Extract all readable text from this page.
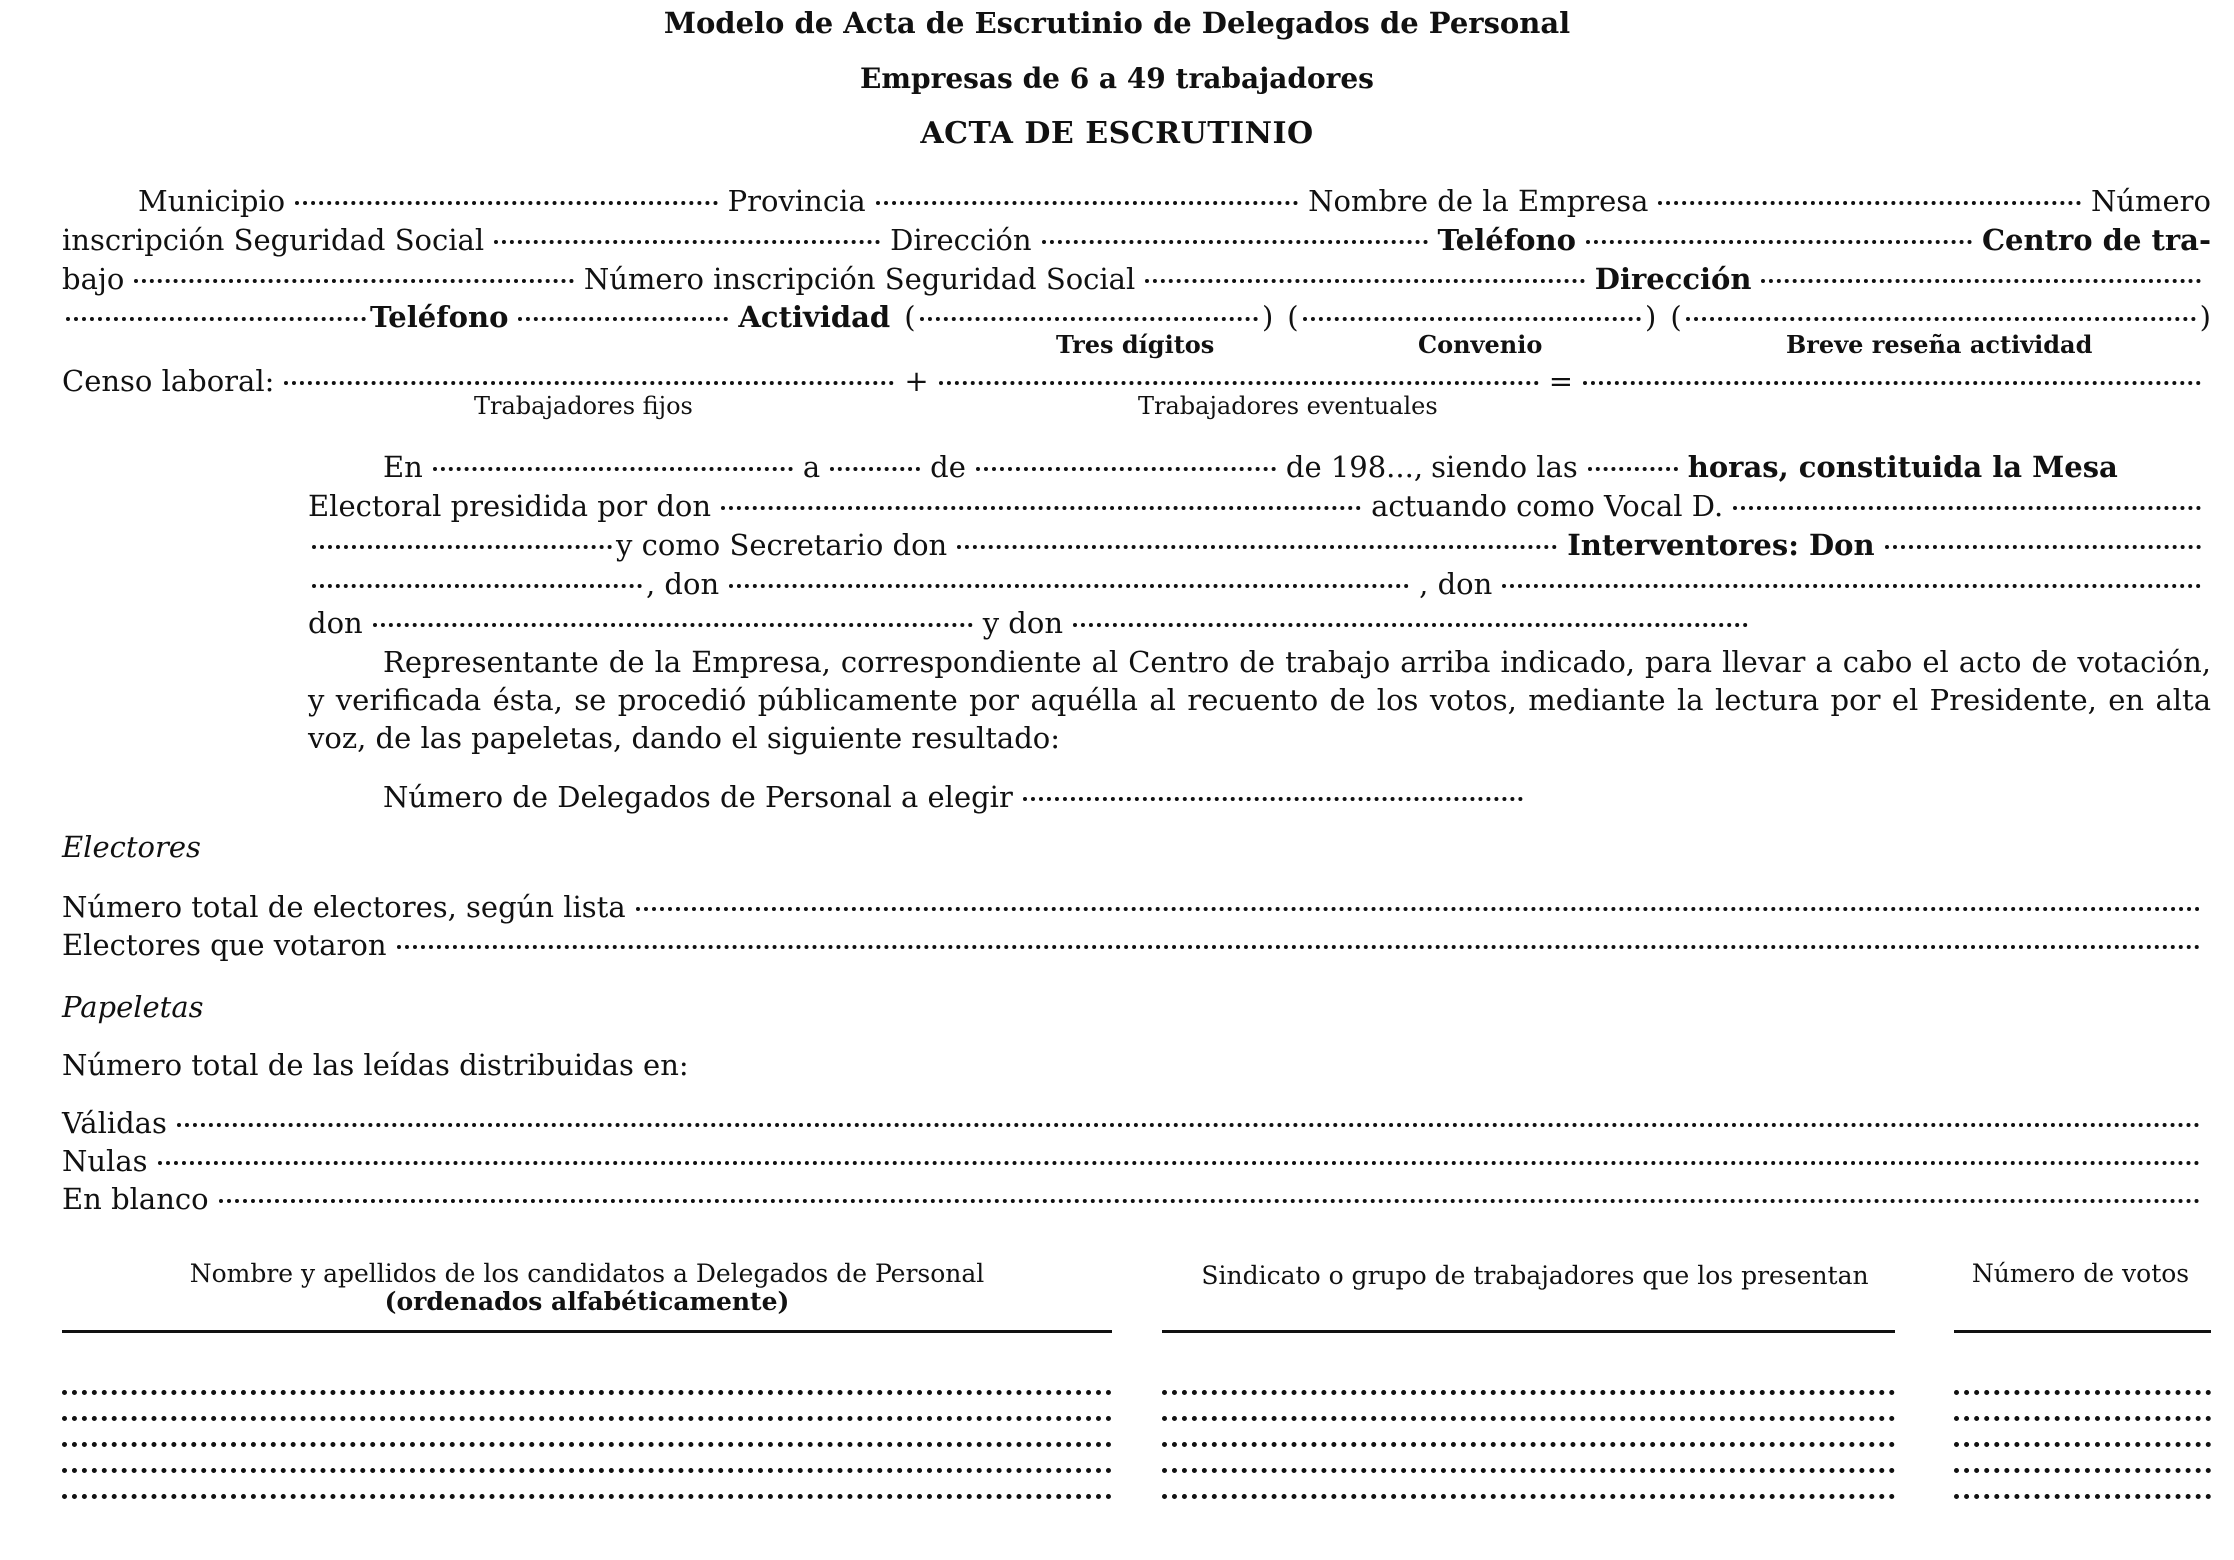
Modelo de Acta de Escrutinio de Delegados de Personal
Empresas de 6 a 49 trabajadores
ACTA DE ESCRUTINIO
Municipio	Provincia	Nombre de la Empresa	Número
inscripción Seguridad Social	Dirección	Teléfono	Centro de tra-
bajo	Número inscripción Seguridad Social	Dirección
Teléfono	Actividad (	) (	) (	)
Tres dígitos	Convenio	Breve reseña actividad
Censo laboral:	+	=
Trabajadores fijos	Trabajadores eventuales
En	a	de	de 198..., siendo las	horas, constituida la Mesa
Electoral presidida por don	actuando como Vocal D.
y como Secretario don	Interventores: Don
, don	, don
don	y don

Representante de la Empresa, correspondiente al Centro de trabajo arriba indicado, para llevar a cabo el acto de votación, y verificada ésta, se procedió públicamente por aquélla al recuento de los votos, mediante la lectura por el Presidente, en alta voz, de las papeletas, dando el siguiente resultado:

Número de Delegados de Personal a elegir
Electores
Número total de electores, según lista
Electores que votaron
Papeletas
Número total de las leídas distribuidas en:
Válidas
Nulas
En blanco
Nombre y apellidos de los candidatos a Delegados de Personal
(ordenados alfabéticamente)
Sindicato o grupo de trabajadores que los presentan	Número de votos
